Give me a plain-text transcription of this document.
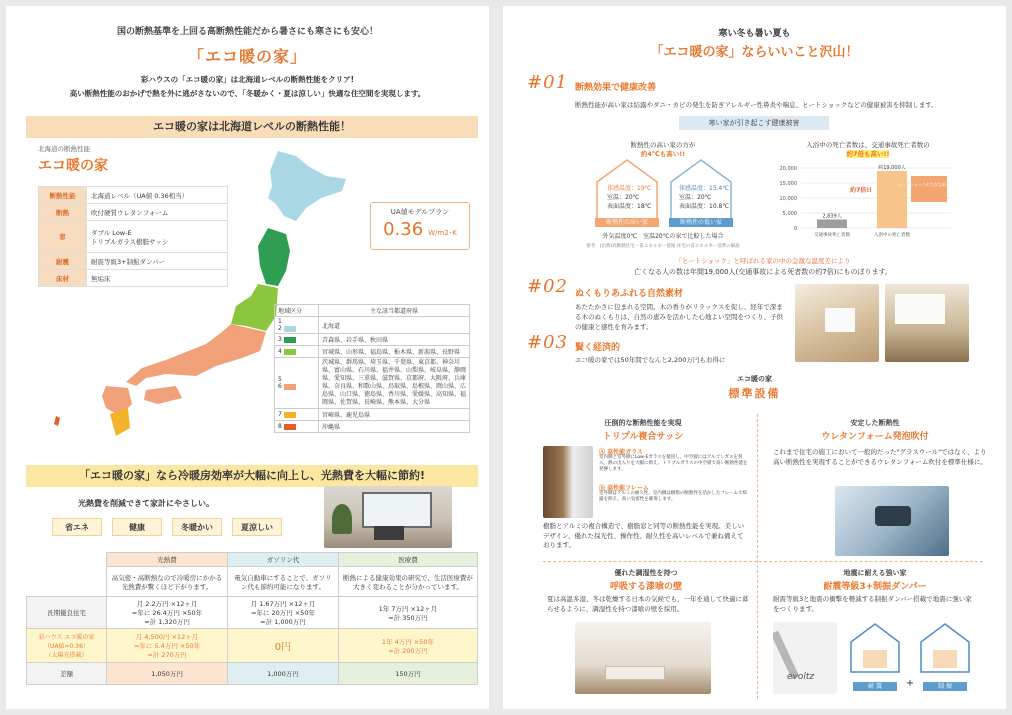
国の断熱基準を上回る高断熱性能だから暑さにも寒さにも安心！
「エコ暖の家」
彩ハウスの「エコ暖の家」は北海道レベルの断熱性能をクリア!
高い断熱性能のおかげで熱を外に逃がさないので、「冬暖かく・夏は涼しい」快適な住空間を実現します。
エコ暖の家は北海道レベルの断熱性能！
北海道の断熱性能
エコ暖の家
断熱性能	北海道レベル（UA値 0.36相当）
断熱	吹付硬質ウレタンフォーム
窓	ダブル Low-E
トリプルガラス樹脂サッシ
耐震	耐震等級3+制振ダンパー
床材	無垢床
UA値モデルプラン
0.36 W/m2･K
地域区分	主な該当都道府県
1
2	北海道
3	青森県、岩手県、秋田県
4	宮城県、山形県、福島県、栃木県、新潟県、長野県
5
6	茨城県、群馬県、埼玉県、千葉県、東京都、神奈川県、富山県、石川県、福井県、山梨県、岐阜県、静岡県、愛知県、三重県、滋賀県、京都府、大阪府、兵庫県、奈良県、和歌山県、鳥取県、島根県、岡山県、広島県、山口県、徳島県、香川県、愛媛県、高知県、福岡県、佐賀県、長崎県、熊本県、大分県
7	宮崎県、鹿児島県
8	沖縄県
「エコ暖の家」なら冷暖房効率が大幅に向上し、光熱費を大幅に節約!
光熱費を削減できて家計にやさしい。
省エネ	健康	冬暖かい	夏涼しい
	光熱費	ガソリン代	医療費
	高気密・高断熱なので冷暖房にかかる光熱費が驚くほど下がります。	電気自動車にすることで、ガソリン代も節約可能になります。	断熱による健康効果の研究で、生活医療費が大きく変わることが分かっています。
長期優良住宅	月 2.2万円 ×12ヶ月
=年に 26.4万円 ×50年
=計 1,320万円	月 1.67万円 ×12ヶ月
=年に 20万円 ×50年
=計 1,000万円	1年 7万円 ×12ヶ月
=計 350万円
彩ハウス エコ暖の家
（UA値=0.36）
（太陽光搭載）	月 4,500円 ×12ヶ月
=年に 5.4万円 ×50年
=計 270万円	0円	1年 4万円 ×50年
=計 200万円
差額	1,050万円	1,000万円	150万円
寒い冬も暑い夏も
「エコ暖の家」ならいいこと沢山！
#01 断熱効果で健康改善
断熱性能が高い家は結露やダニ・カビの発生を防ぎアレルギー性鼻炎や喘息、ヒートショックなどの健康被害を抑制します。
寒い家が引き起こす健康被害
断熱性の高い家の方が
約4℃も高い!!
体感温度：19℃
室温：20℃
表面温度：18℃
体感温度：15.4℃
室温：20℃
表面温度：10.8℃
断熱性の高い家	断熱性の低い家
外気温度0℃　室温20℃の家で比較した場合
参考：(出典)高断熱住宅・省エネルギー情報 住宅の省エネルギー基準の解説
入浴中の死亡者数は、交通事故死亡者数の
約7倍も高い!!
20,000
15,000
10,000
5,000
0
2,839人
交通事故死亡者数
約19,000人
入浴中の死亡者数
約7倍!!
ヒートショックが大きな原因の1つ
「ヒートショック」と呼ばれる家の中の急激な温度差により
亡くなる人の数は年間19,000人(交通事故による死者数の約7倍)にものぼります。
#02 ぬくもりあふれる自然素材
あたたかさに包まれる空間。木の香りがリラックスを促し、経年で深まる木のぬくもりは、自然の恵みを活かした心地よい空間をつくり、子供の健康と感性を育みます。
#03 賢く経済的
エコ暖の家では50年間でなんと2,200万円もお得に
エコ暖の家
標準設備
圧倒的な断熱性能を実現
トリプル複合サッシ
Ⓐ 高性能ガラス
室内側と室外側にLow-Eガラスを使用し、中空層にはアルゴンガスを封入。熱の出入りを大幅に抑え、トリプルガラスの中空層で高い断熱性能を発揮します。
Ⓑ 高性能フレーム
室外側はアルミの耐久性、室内側は樹脂の断熱性を活かしたフレームで結露を抑え、高い気密性を確保します。
樹脂とアルミの複合構造で、樹脂窓と同等の断熱性能を実現。美しいデザイン、優れた採光性、操作性、耐久性を高いレベルで兼ね備えております。
安定した断熱性
ウレタンフォーム発泡吹付
これまで住宅の施工において一般的だった"グラスウール"ではなく、より高い断熱性を実現することができるウレタンフォーム吹付を標準仕様に。
優れた調湿性を持つ
呼吸する漆喰の壁
夏は高温多湿、冬は乾燥する日本の気候でも、一年を通して快適に暮らせるように、調湿性を持つ漆喰の壁を採用。
地震に耐える強い家
耐震等級3+制振ダンパー
耐震等級3と地震の衝撃を軽減する制振ダンパー搭載で地震に強い家をつくります。
evoltz
耐 震	+	制 振
